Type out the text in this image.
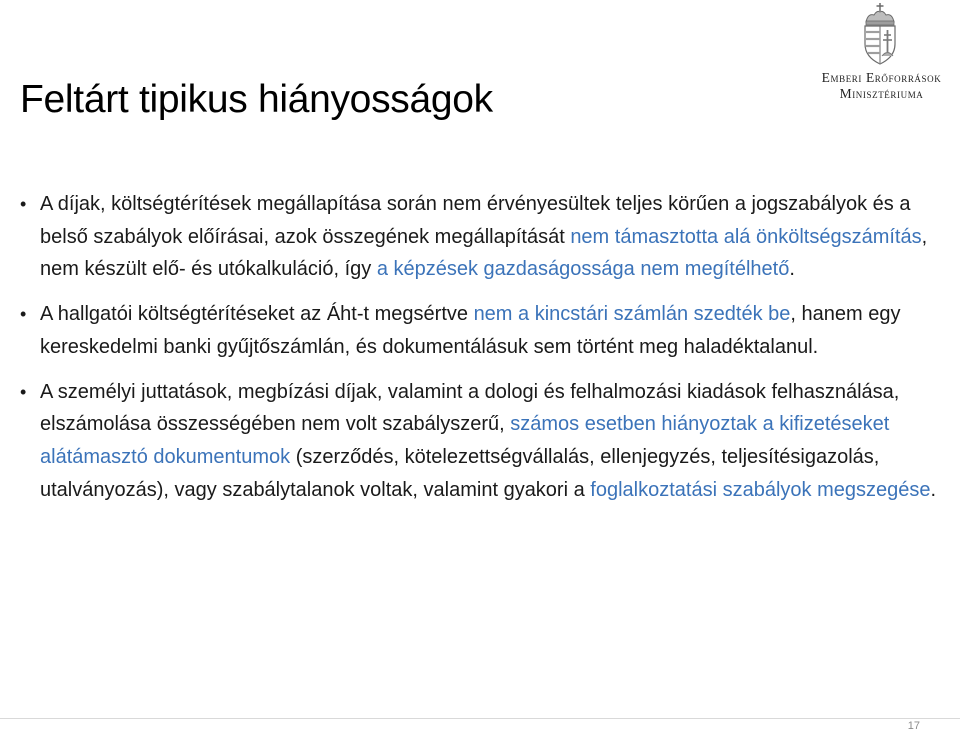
Feltárt tipikus hiányosságok
Emberi Erőforrások
Minisztériuma
• A díjak, költségtérítések megállapítása során nem érvényesültek teljes körűen a jogszabályok és a belső szabályok előírásai, azok összegének megállapítását nem támasztotta alá önköltségszámítás, nem készült elő- és utókalkuláció, így a képzések gazdaságossága nem megítélhető.
• A hallgatói költségtérítéseket az Áht-t megsértve nem a kincstári számlán szedték be, hanem egy kereskedelmi banki gyűjtőszámlán, és dokumentálásuk sem történt meg haladéktalanul.
• A személyi juttatások, megbízási díjak, valamint a dologi és felhalmozási kiadások felhasználása, elszámolása összességében nem volt szabályszerű, számos esetben hiányoztak a kifizetéseket alátámasztó dokumentumok (szerződés, kötelezettségvállalás, ellenjegyzés, teljesítésigazolás, utalványozás), vagy szabálytalanok voltak, valamint gyakori a foglalkoztatási szabályok megszegése.
17
